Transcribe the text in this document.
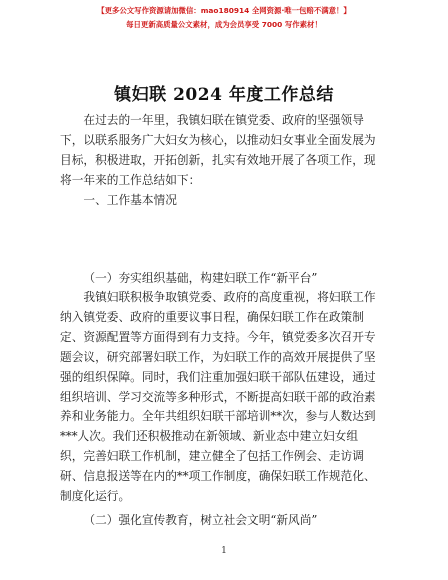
【更多公文写作资源请加微信：mao180914 全网资源·唯一包赔不满意！】
每日更新高质量公文素材，成为会员享受 7000 写作素材！
镇妇联 2024 年度工作总结
在过去的一年里，我镇妇联在镇党委、政府的坚强领导
下，以联系服务广大妇女为核心，以推动妇女事业全面发展为
目标，积极进取，开拓创新，扎实有效地开展了各项工作，现
将一年来的工作总结如下：
一、工作基本情况
（一）夯实组织基础，构建妇联工作“新平台”
我镇妇联积极争取镇党委、政府的高度重视，将妇联工作
纳入镇党委、政府的重要议事日程，确保妇联工作在政策制
定、资源配置等方面得到有力支持。今年，镇党委多次召开专
题会议，研究部署妇联工作，为妇联工作的高效开展提供了坚
强的组织保障。同时，我们注重加强妇联干部队伍建设，通过
组织培训、学习交流等多种形式，不断提高妇联干部的政治素
养和业务能力。全年共组织妇联干部培训**次，参与人数达到
***人次。我们还积极推动在新领域、新业态中建立妇女组
织，完善妇联工作机制，建立健全了包括工作例会、走访调
研、信息报送等在内的**项工作制度，确保妇联工作规范化、
制度化运行。
（二）强化宣传教育，树立社会文明“新风尚”
1
